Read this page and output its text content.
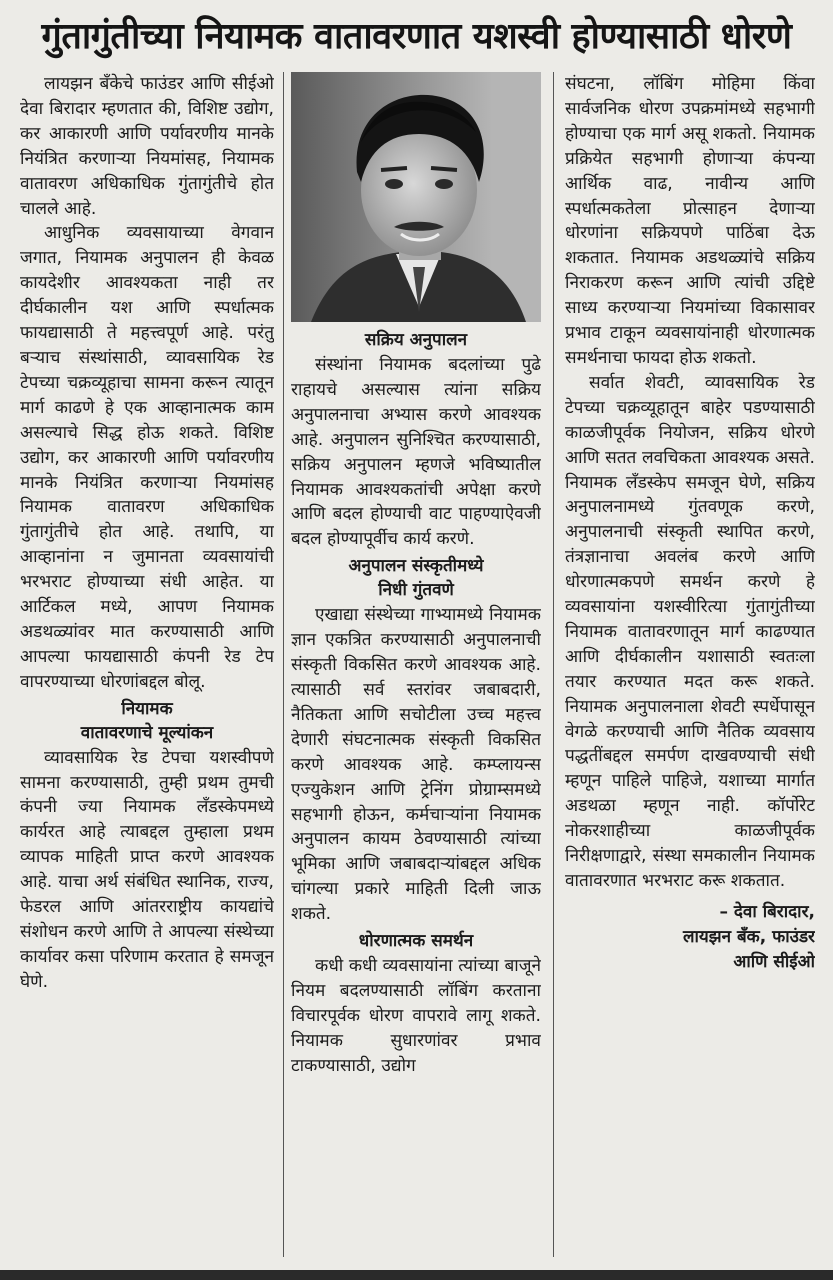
गुंतागुंतीच्या नियामक वातावरणात यशस्वी होण्यासाठी धोरणे

लायझन बँकेचे फाउंडर आणि सीईओ देवा बिरादार म्हणतात की, विशिष्ट उद्योग, कर आकारणी आणि पर्यावरणीय मानके नियंत्रित करणाऱ्या नियमांसह, नियामक वातावरण अधिकाधिक गुंतागुंतीचे होत चालले आहे.

आधुनिक व्यवसायाच्या वेगवान जगात, नियामक अनुपालन ही केवळ कायदेशीर आवश्यकता नाही तर दीर्घकालीन यश आणि स्पर्धात्मक फायद्यासाठी ते महत्त्वपूर्ण आहे. परंतु बऱ्याच संस्थांसाठी, व्यावसायिक रेड टेपच्या चक्रव्यूहाचा सामना करून त्यातून मार्ग काढणे हे एक आव्हानात्मक काम असल्याचे सिद्ध होऊ शकते. विशिष्ट उद्योग, कर आकारणी आणि पर्यावरणीय मानके नियंत्रित करणाऱ्या नियमांसह नियामक वातावरण अधिकाधिक गुंतागुंतीचे होत आहे. तथापि, या आव्हानांना न जुमानता व्यवसायांची भरभराट होण्याच्या संधी आहेत. या आर्टिकल मध्ये, आपण नियामक अडथळ्यांवर मात करण्यासाठी आणि आपल्या फायद्यासाठी कंपनी रेड टेप वापरण्याच्या धोरणांबद्दल बोलू.

नियामक
वातावरणाचे मूल्यांकन

व्यावसायिक रेड टेपचा यशस्वीपणे सामना करण्यासाठी, तुम्ही प्रथम तुमची कंपनी ज्या नियामक लँडस्केपमध्ये कार्यरत आहे त्याबद्दल तुम्हाला प्रथम व्यापक माहिती प्राप्त करणे आवश्यक आहे. याचा अर्थ संबंधित स्थानिक, राज्य, फेडरल आणि आंतरराष्ट्रीय कायद्यांचे संशोधन करणे आणि ते आपल्या संस्थेच्या कार्यावर कसा परिणाम करतात हे समजून घेणे.

सक्रिय अनुपालन

संस्थांना नियामक बदलांच्या पुढे राहायचे असल्यास त्यांना सक्रिय अनुपालनाचा अभ्यास करणे आवश्यक आहे. अनुपालन सुनिश्चित करण्यासाठी, सक्रिय अनुपालन म्हणजे भविष्यातील नियामक आवश्यकतांची अपेक्षा करणे आणि बदल होण्याची वाट पाहण्याऐवजी बदल होण्यापूर्वीच कार्य करणे.

अनुपालन संस्कृतीमध्ये
निधी गुंतवणे

एखाद्या संस्थेच्या गाभ्यामध्ये नियामक ज्ञान एकत्रित करण्यासाठी अनुपालनाची संस्कृती विकसित करणे आवश्यक आहे. त्यासाठी सर्व स्तरांवर जबाबदारी, नैतिकता आणि सचोटीला उच्च महत्त्व देणारी संघटनात्मक संस्कृती विकसित करणे आवश्यक आहे. कम्प्लायन्स एज्युकेशन आणि ट्रेनिंग प्रोग्राम्समध्ये सहभागी होऊन, कर्मचाऱ्यांना नियामक अनुपालन कायम ठेवण्यासाठी त्यांच्या भूमिका आणि जबाबदाऱ्यांबद्दल अधिक चांगल्या प्रकारे माहिती दिली जाऊ शकते.

धोरणात्मक समर्थन

कधी कधी व्यवसायांना त्यांच्या बाजूने नियम बदलण्यासाठी लॉबिंग करताना विचारपूर्वक धोरण वापरावे लागू शकते. नियामक सुधारणांवर प्रभाव टाकण्यासाठी, उद्योग

संघटना, लॉबिंग मोहिमा किंवा सार्वजनिक धोरण उपक्रमांमध्ये सहभागी होण्याचा एक मार्ग असू शकतो. नियामक प्रक्रियेत सहभागी होणाऱ्या कंपन्या आर्थिक वाढ, नावीन्य आणि स्पर्धात्मकतेला प्रोत्साहन देणाऱ्या धोरणांना सक्रियपणे पाठिंबा देऊ शकतात. नियामक अडथळ्यांचे सक्रिय निराकरण करून आणि त्यांची उद्दिष्टे साध्य करण्याऱ्या नियमांच्या विकासावर प्रभाव टाकून व्यवसायांनाही धोरणात्मक समर्थनाचा फायदा होऊ शकतो.

सर्वात शेवटी, व्यावसायिक रेड टेपच्या चक्रव्यूहातून बाहेर पडण्यासाठी काळजीपूर्वक नियोजन, सक्रिय धोरणे आणि सतत लवचिकता आवश्यक असते. नियामक लँडस्केप समजून घेणे, सक्रिय अनुपालनामध्ये गुंतवणूक करणे, अनुपालनाची संस्कृती स्थापित करणे, तंत्रज्ञानाचा अवलंब करणे आणि धोरणात्मकपणे समर्थन करणे हे व्यवसायांना यशस्वीरित्या गुंतागुंतीच्या नियामक वातावरणातून मार्ग काढण्यात आणि दीर्घकालीन यशासाठी स्वतःला तयार करण्यात मदत करू शकते. नियामक अनुपालनाला शेवटी स्पर्धेपासून वेगळे करण्याची आणि नैतिक व्यवसाय पद्धतींबद्दल समर्पण दाखवण्याची संधी म्हणून पाहिले पाहिजे, यशाच्या मार्गात अडथळा म्हणून नाही. कॉर्पोरेट नोकरशाहीच्या काळजीपूर्वक निरीक्षणाद्वारे, संस्था समकालीन नियामक वातावरणात भरभराट करू शकतात.

– देवा बिरादार,
लायझन बँक, फाउंडर
आणि सीईओ
